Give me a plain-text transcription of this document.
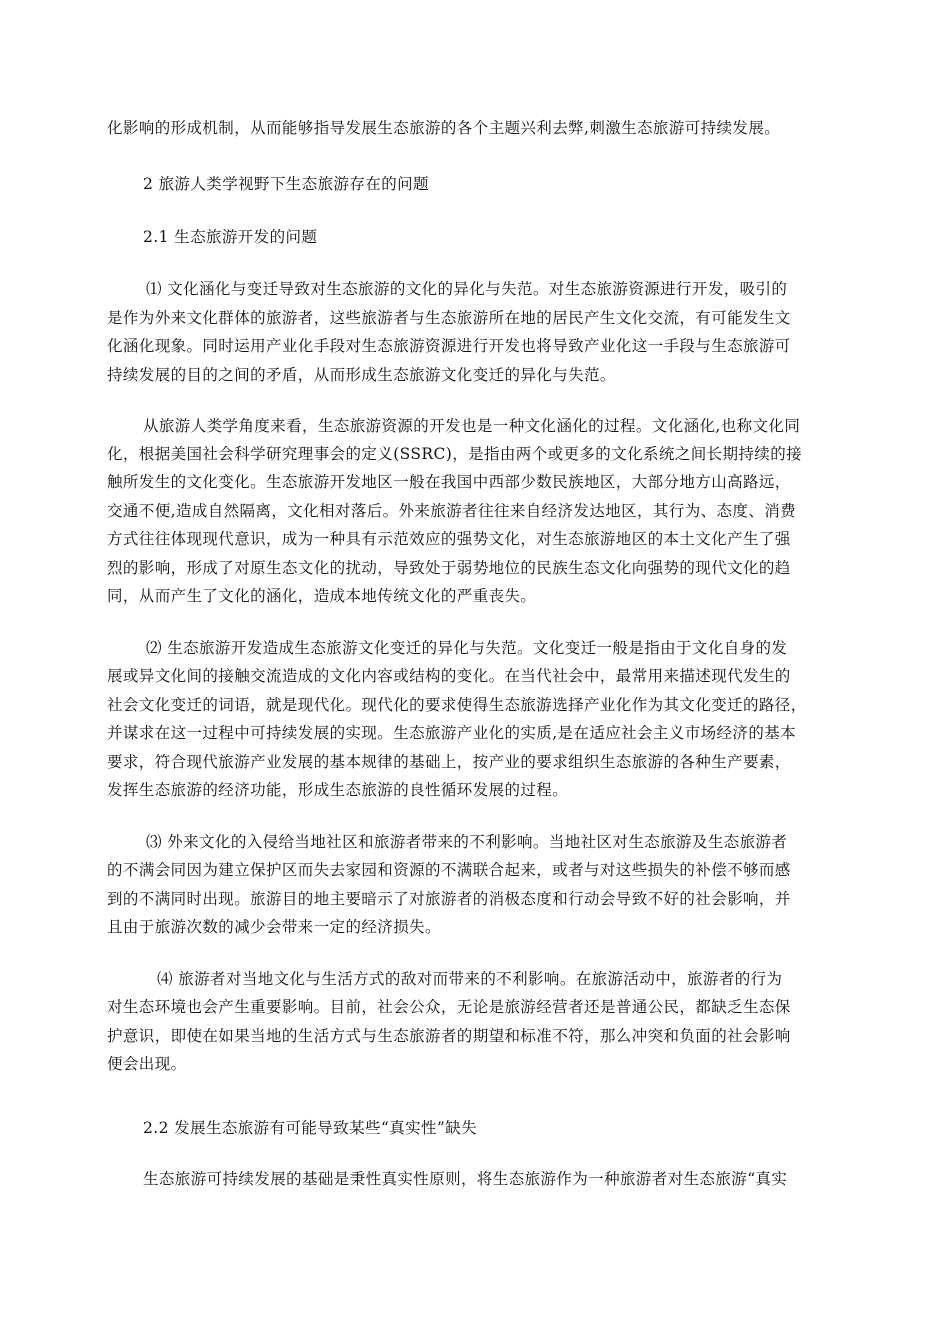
化影响的形成机制，从而能够指导发展生态旅游的各个主题兴利去弊,刺激生态旅游可持续发展。
2 旅游人类学视野下生态旅游存在的问题
2.1 生态旅游开发的问题
⑴ 文化涵化与变迁导致对生态旅游的文化的异化与失范。对生态旅游资源进行开发，吸引的
是作为外来文化群体的旅游者，这些旅游者与生态旅游所在地的居民产生文化交流，有可能发生文
化涵化现象。同时运用产业化手段对生态旅游资源进行开发也将导致产业化这一手段与生态旅游可
持续发展的目的之间的矛盾，从而形成生态旅游文化变迁的异化与失范。
从旅游人类学角度来看，生态旅游资源的开发也是一种文化涵化的过程。文化涵化,也称文化同
化，根据美国社会科学研究理事会的定义(SSRC)，是指由两个或更多的文化系统之间长期持续的接
触所发生的文化变化。生态旅游开发地区一般在我国中西部少数民族地区，大部分地方山高路远，
交通不便,造成自然隔离，文化相对落后。外来旅游者往往来自经济发达地区，其行为、态度、消费
方式往往体现现代意识，成为一种具有示范效应的强势文化，对生态旅游地区的本土文化产生了强
烈的影响，形成了对原生态文化的扰动，导致处于弱势地位的民族生态文化向强势的现代文化的趋
同，从而产生了文化的涵化，造成本地传统文化的严重丧失。
⑵ 生态旅游开发造成生态旅游文化变迁的异化与失范。文化变迁一般是指由于文化自身的发
展或异文化间的接触交流造成的文化内容或结构的变化。在当代社会中，最常用来描述现代发生的
社会文化变迁的词语，就是现代化。现代化的要求使得生态旅游选择产业化作为其文化变迁的路径，
并谋求在这一过程中可持续发展的实现。生态旅游产业化的实质,是在适应社会主义市场经济的基本
要求，符合现代旅游产业发展的基本规律的基础上，按产业的要求组织生态旅游的各种生产要素，
发挥生态旅游的经济功能，形成生态旅游的良性循环发展的过程。
⑶ 外来文化的入侵给当地社区和旅游者带来的不利影响。当地社区对生态旅游及生态旅游者
的不满会同因为建立保护区而失去家园和资源的不满联合起来，或者与对这些损失的补偿不够而感
到的不满同时出现。旅游目的地主要暗示了对旅游者的消极态度和行动会导致不好的社会影响，并
且由于旅游次数的减少会带来一定的经济损失。
⑷ 旅游者对当地文化与生活方式的敌对而带来的不利影响。在旅游活动中，旅游者的行为
对生态环境也会产生重要影响。目前，社会公众，无论是旅游经营者还是普通公民，都缺乏生态保
护意识，即使在如果当地的生活方式与生态旅游者的期望和标准不符，那么冲突和负面的社会影响
便会出现。
2.2 发展生态旅游有可能导致某些“真实性”缺失
生态旅游可持续发展的基础是秉性真实性原则，将生态旅游作为一种旅游者对生态旅游“真实
